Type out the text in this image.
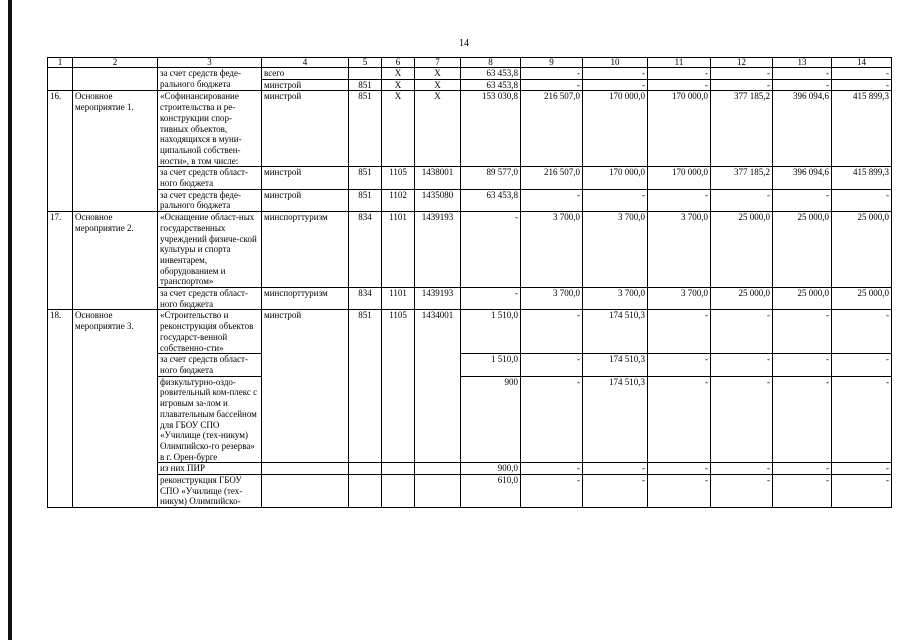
14
1	2	3	4	5	6	7	8	9	10	11	12	13	14
		за счет средств феде-ральногo бюджета	всего		X	X	63 453,8	-	-	-	-	-	-
			минстрой	851	X	X	63 453,8	-	-	-	-	-	-
16.	Основное мероприятие 1.	«Софинансирование строительства и ре-конструкции спор-тивных объектов, находящихся в муни-ципальной собствен-ности», в том числе:	минстрой	851	X	X	153 030,8	216 507,0	170 000,0	170 000,0	377 185,2	396 094,6	415 899,3
		за счет средств област-ного бюджета	минстрой	851	1105	1438001	89 577,0	216 507,0	170 000,0	170 000,0	377 185,2	396 094,6	415 899,3
		за счет средств феде-рального бюджета	минстрой	851	1102	1435080	63 453,8	-	-	-	-	-	-
17.	Основное мероприятие 2.	«Оснащение област-ных государственных учреждений физиче-ской культуры и спорта инвентарем, оборудованием и транспортом»	минспорттуризм	834	1101	1439193	-	3 700,0	3 700,0	3 700,0	25 000,0	25 000,0	25 000,0
		за счет средств област-ного бюджета	минспорттуризм	834	1101	1439193	-	3 700,0	3 700,0	3 700,0	25 000,0	25 000,0	25 000,0
18.	Основное мероприятие 3.	«Строительство и реконструкция объектов государст-венной собственно-сти»	минстрой	851	1105	1434001	1 510,0	-	174 510,3	-	-	-	-
		за счет средств област-ного бюджета					1 510,0	-	174 510,3	-	-	-	-
		физкультурно-оздо-ровительный ком-плекс с игровым за-лом и плавательным бассейном для ГБОУ СПО «Училище (тех-никум) Олимпийско-го резерва» в г. Орен-бурге					900	-	174 510,3	-	-	-	-
		из них ПИР					900,0	-	-	-	-	-	-
		реконструкция ГБОУ СПО «Училище (тех-никум) Олимпийско-					610,0	-	-	-	-	-	-
